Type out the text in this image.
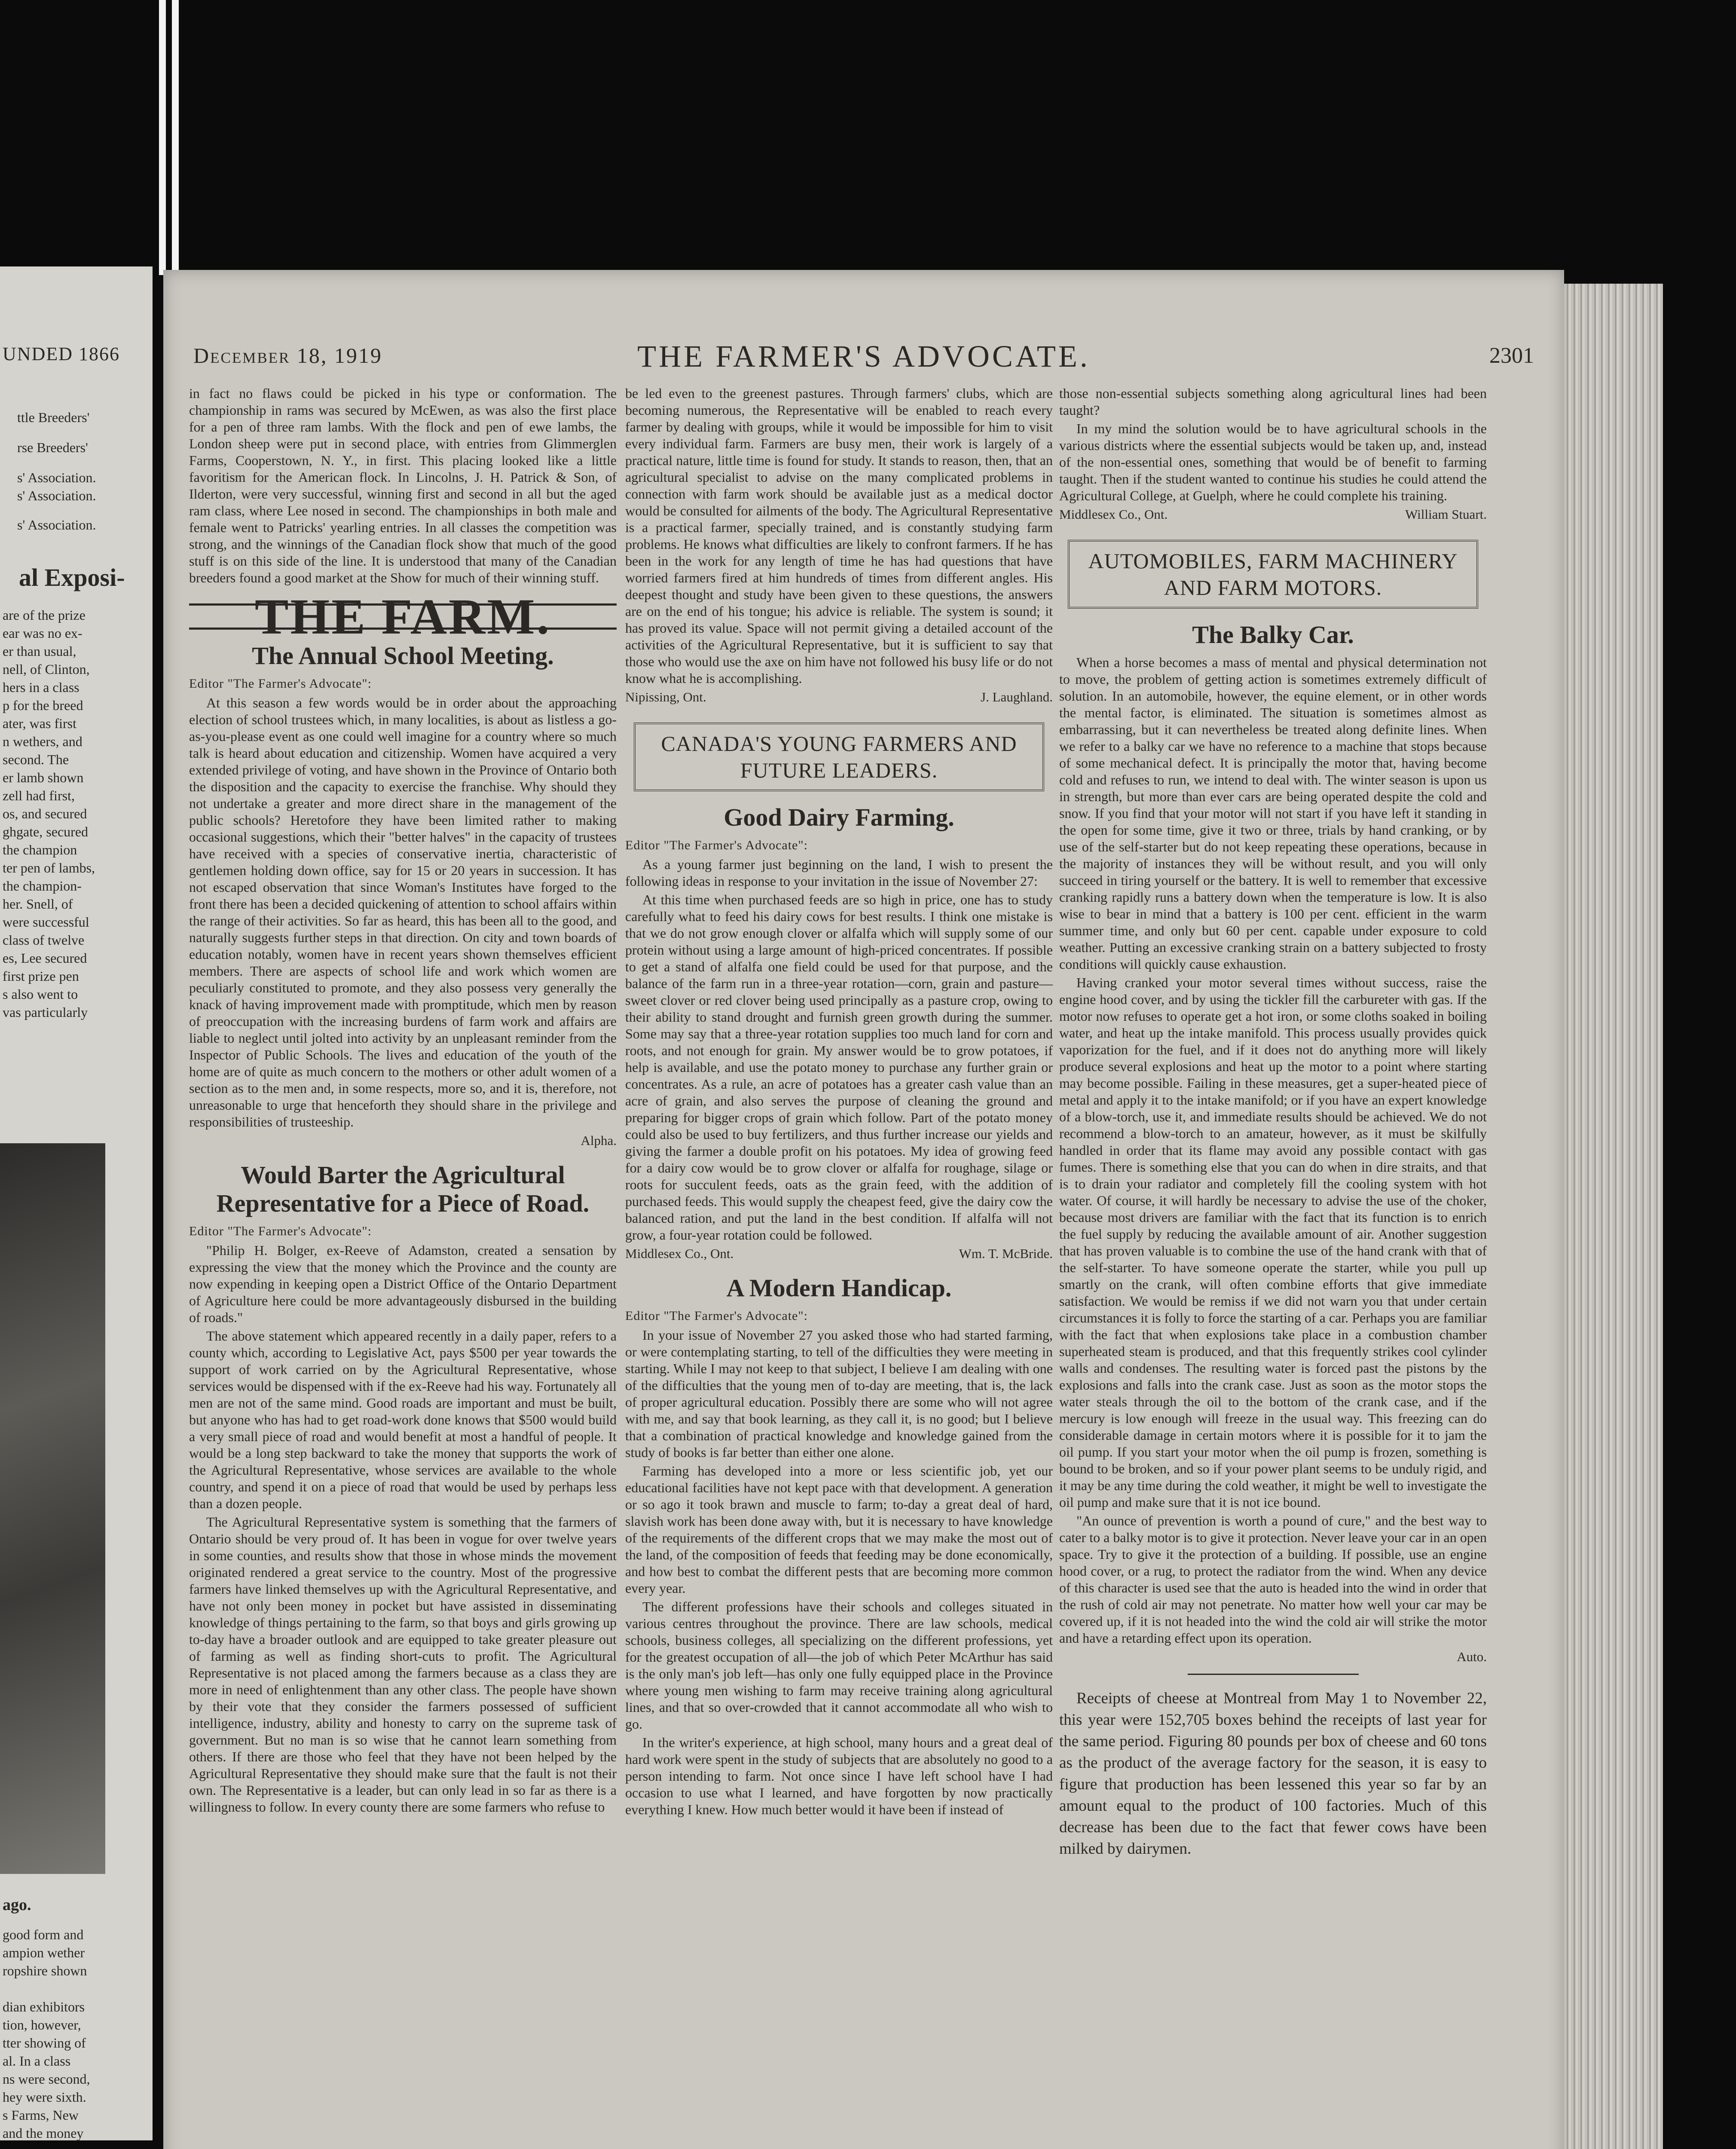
UNDED 1866
ttle Breeders'
rse Breeders'
s' Association.
s' Association.
s' Association.
al Exposi-
are of the prize
ear was no ex-
er than usual,
nell, of Clinton,
hers in a class
p for the breed
ater, was first
n wethers, and
second. The
er lamb shown
zell had first,
os, and secured
ghgate, secured
the champion
ter pen of lambs,
the champion-
her. Snell, of
were successful
class of twelve
es, Lee secured
first prize pen
s also went to
vas particularly
ago.
good form and
ampion wether
ropshire shown

dian exhibitors
tion, however,
tter showing of
al. In a class
ns were second,
hey were sixth.
s Farms, New
and the money
December 18, 1919	THE FARMER'S ADVOCATE.	2301

in fact no flaws could be picked in his type or conformation. The championship in rams was secured by McEwen, as was also the first place for a pen of three ram lambs. With the flock and pen of ewe lambs, the London sheep were put in second place, with entries from Glimmerglen Farms, Cooperstown, N. Y., in first. This placing looked like a little favoritism for the American flock. In Lincolns, J. H. Patrick & Son, of Ilderton, were very successful, winning first and second in all but the aged ram class, where Lee nosed in second. The championships in both male and female went to Patricks' yearling entries. In all classes the competition was strong, and the winnings of the Canadian flock show that much of the good stuff is on this side of the line. It is understood that many of the Canadian breeders found a good market at the Show for much of their winning stuff.

THE FARM.
The Annual School Meeting.
Editor "The Farmer's Advocate":

At this season a few words would be in order about the approaching election of school trustees which, in many localities, is about as listless a go-as-you-please event as one could well imagine for a country where so much talk is heard about education and citizenship. Women have acquired a very extended privilege of voting, and have shown in the Province of Ontario both the disposition and the capacity to exercise the franchise. Why should they not undertake a greater and more direct share in the management of the public schools? Heretofore they have been limited rather to making occasional suggestions, which their "better halves" in the capacity of trustees have received with a species of conservative inertia, characteristic of gentlemen holding down office, say for 15 or 20 years in succession. It has not escaped observation that since Woman's Institutes have forged to the front there has been a decided quickening of attention to school affairs within the range of their activities. So far as heard, this has been all to the good, and naturally suggests further steps in that direction. On city and town boards of education notably, women have in recent years shown themselves efficient members. There are aspects of school life and work which women are peculiarly constituted to promote, and they also possess very generally the knack of having improvement made with promptitude, which men by reason of preoccupation with the increasing burdens of farm work and affairs are liable to neglect until jolted into activity by an unpleasant reminder from the Inspector of Public Schools. The lives and education of the youth of the home are of quite as much concern to the mothers or other adult women of a section as to the men and, in some respects, more so, and it is, therefore, not unreasonable to urge that henceforth they should share in the privilege and responsibilities of trusteeship.

Alpha.
Would Barter the Agricultural Representative for a Piece of Road.
Editor "The Farmer's Advocate":

"Philip H. Bolger, ex-Reeve of Adamston, created a sensation by expressing the view that the money which the Province and the county are now expending in keeping open a District Office of the Ontario Department of Agriculture here could be more advantageously disbursed in the building of roads."

The above statement which appeared recently in a daily paper, refers to a county which, according to Legislative Act, pays $500 per year towards the support of work carried on by the Agricultural Representative, whose services would be dispensed with if the ex-Reeve had his way. Fortunately all men are not of the same mind. Good roads are important and must be built, but anyone who has had to get road-work done knows that $500 would build a very small piece of road and would benefit at most a handful of people. It would be a long step backward to take the money that supports the work of the Agricultural Representative, whose services are available to the whole country, and spend it on a piece of road that would be used by perhaps less than a dozen people.

The Agricultural Representative system is something that the farmers of Ontario should be very proud of. It has been in vogue for over twelve years in some counties, and results show that those in whose minds the movement originated rendered a great service to the country. Most of the progressive farmers have linked themselves up with the Agricultural Representative, and have not only been money in pocket but have assisted in disseminating knowledge of things pertaining to the farm, so that boys and girls growing up to-day have a broader outlook and are equipped to take greater pleasure out of farming as well as finding short-cuts to profit. The Agricultural Representative is not placed among the farmers because as a class they are more in need of enlightenment than any other class. The people have shown by their vote that they consider the farmers possessed of sufficient intelligence, industry, ability and honesty to carry on the supreme task of government. But no man is so wise that he cannot learn something from others. If there are those who feel that they have not been helped by the Agricultural Representative they should make sure that the fault is not their own. The Representative is a leader, but can only lead in so far as there is a willingness to follow. In every county there are some farmers who refuse to

be led even to the greenest pastures. Through farmers' clubs, which are becoming numerous, the Representative will be enabled to reach every farmer by dealing with groups, while it would be impossible for him to visit every individual farm. Farmers are busy men, their work is largely of a practical nature, little time is found for study. It stands to reason, then, that an agricultural specialist to advise on the many complicated problems in connection with farm work should be available just as a medical doctor would be consulted for ailments of the body. The Agricultural Representative is a practical farmer, specially trained, and is constantly studying farm problems. He knows what difficulties are likely to confront farmers. If he has been in the work for any length of time he has had questions that have worried farmers fired at him hundreds of times from different angles. His deepest thought and study have been given to these questions, the answers are on the end of his tongue; his advice is reliable. The system is sound; it has proved its value. Space will not permit giving a detailed account of the activities of the Agricultural Representative, but it is sufficient to say that those who would use the axe on him have not followed his busy life or do not know what he is accomplishing.

Nipissing, Ont.	J. Laughland.
CANADA'S YOUNG FARMERS AND FUTURE LEADERS.
Good Dairy Farming.
Editor "The Farmer's Advocate":

As a young farmer just beginning on the land, I wish to present the following ideas in response to your invitation in the issue of November 27:

At this time when purchased feeds are so high in price, one has to study carefully what to feed his dairy cows for best results. I think one mistake is that we do not grow enough clover or alfalfa which will supply some of our protein without using a large amount of high-priced concentrates. If possible to get a stand of alfalfa one field could be used for that purpose, and the balance of the farm run in a three-year rotation—corn, grain and pasture—sweet clover or red clover being used principally as a pasture crop, owing to their ability to stand drought and furnish green growth during the summer. Some may say that a three-year rotation supplies too much land for corn and roots, and not enough for grain. My answer would be to grow potatoes, if help is available, and use the potato money to purchase any further grain or concentrates. As a rule, an acre of potatoes has a greater cash value than an acre of grain, and also serves the purpose of cleaning the ground and preparing for bigger crops of grain which follow. Part of the potato money could also be used to buy fertilizers, and thus further increase our yields and giving the farmer a double profit on his potatoes. My idea of growing feed for a dairy cow would be to grow clover or alfalfa for roughage, silage or roots for succulent feeds, oats as the grain feed, with the addition of purchased feeds. This would supply the cheapest feed, give the dairy cow the balanced ration, and put the land in the best condition. If alfalfa will not grow, a four-year rotation could be followed.

Middlesex Co., Ont.	Wm. T. McBride.
A Modern Handicap.
Editor "The Farmer's Advocate":

In your issue of November 27 you asked those who had started farming, or were contemplating starting, to tell of the difficulties they were meeting in starting. While I may not keep to that subject, I believe I am dealing with one of the difficulties that the young men of to-day are meeting, that is, the lack of proper agricultural education. Possibly there are some who will not agree with me, and say that book learning, as they call it, is no good; but I believe that a combination of practical knowledge and knowledge gained from the study of books is far better than either one alone.

Farming has developed into a more or less scientific job, yet our educational facilities have not kept pace with that development. A generation or so ago it took brawn and muscle to farm; to-day a great deal of hard, slavish work has been done away with, but it is necessary to have knowledge of the requirements of the different crops that we may make the most out of the land, of the composition of feeds that feeding may be done economically, and how best to combat the different pests that are becoming more common every year.

The different professions have their schools and colleges situated in various centres throughout the province. There are law schools, medical schools, business colleges, all specializing on the different professions, yet for the greatest occupation of all—the job of which Peter McArthur has said is the only man's job left—has only one fully equipped place in the Province where young men wishing to farm may receive training along agricultural lines, and that so over-crowded that it cannot accommodate all who wish to go.

In the writer's experience, at high school, many hours and a great deal of hard work were spent in the study of subjects that are absolutely no good to a person intending to farm. Not once since I have left school have I had occasion to use what I learned, and have forgotten by now practically everything I knew. How much better would it have been if instead of

those non-essential subjects something along agricultural lines had been taught?

In my mind the solution would be to have agricultural schools in the various districts where the essential subjects would be taken up, and, instead of the non-essential ones, something that would be of benefit to farming taught. Then if the student wanted to continue his studies he could attend the Agricultural College, at Guelph, where he could complete his training.

Middlesex Co., Ont.	William Stuart.
AUTOMOBILES, FARM MACHINERY AND FARM MOTORS.
The Balky Car.

When a horse becomes a mass of mental and physical determination not to move, the problem of getting action is sometimes extremely difficult of solution. In an automobile, however, the equine element, or in other words the mental factor, is eliminated. The situation is sometimes almost as embarrassing, but it can nevertheless be treated along definite lines. When we refer to a balky car we have no reference to a machine that stops because of some mechanical defect. It is principally the motor that, having become cold and refuses to run, we intend to deal with. The winter season is upon us in strength, but more than ever cars are being operated despite the cold and snow. If you find that your motor will not start if you have left it standing in the open for some time, give it two or three, trials by hand cranking, or by use of the self-starter but do not keep repeating these operations, because in the majority of instances they will be without result, and you will only succeed in tiring yourself or the battery. It is well to remember that excessive cranking rapidly runs a battery down when the temperature is low. It is also wise to bear in mind that a battery is 100 per cent. efficient in the warm summer time, and only but 60 per cent. capable under exposure to cold weather. Putting an excessive cranking strain on a battery subjected to frosty conditions will quickly cause exhaustion.

Having cranked your motor several times without success, raise the engine hood cover, and by using the tickler fill the carbureter with gas. If the motor now refuses to operate get a hot iron, or some cloths soaked in boiling water, and heat up the intake manifold. This process usually provides quick vaporization for the fuel, and if it does not do anything more will likely produce several explosions and heat up the motor to a point where starting may become possible. Failing in these measures, get a super-heated piece of metal and apply it to the intake manifold; or if you have an expert knowledge of a blow-torch, use it, and immediate results should be achieved. We do not recommend a blow-torch to an amateur, however, as it must be skilfully handled in order that its flame may avoid any possible contact with gas fumes. There is something else that you can do when in dire straits, and that is to drain your radiator and completely fill the cooling system with hot water. Of course, it will hardly be necessary to advise the use of the choker, because most drivers are familiar with the fact that its function is to enrich the fuel supply by reducing the available amount of air. Another suggestion that has proven valuable is to combine the use of the hand crank with that of the self-starter. To have someone operate the starter, while you pull up smartly on the crank, will often combine efforts that give immediate satisfaction. We would be remiss if we did not warn you that under certain circumstances it is folly to force the starting of a car. Perhaps you are familiar with the fact that when explosions take place in a combustion chamber superheated steam is produced, and that this frequently strikes cool cylinder walls and condenses. The resulting water is forced past the pistons by the explosions and falls into the crank case. Just as soon as the motor stops the water steals through the oil to the bottom of the crank case, and if the mercury is low enough will freeze in the usual way. This freezing can do considerable damage in certain motors where it is possible for it to jam the oil pump. If you start your motor when the oil pump is frozen, something is bound to be broken, and so if your power plant seems to be unduly rigid, and it may be any time during the cold weather, it might be well to investigate the oil pump and make sure that it is not ice bound.

"An ounce of prevention is worth a pound of cure," and the best way to cater to a balky motor is to give it protection. Never leave your car in an open space. Try to give it the protection of a building. If possible, use an engine hood cover, or a rug, to protect the radiator from the wind. When any device of this character is used see that the auto is headed into the wind in order that the rush of cold air may not penetrate. No matter how well your car may be covered up, if it is not headed into the wind the cold air will strike the motor and have a retarding effect upon its operation.

Auto.

Receipts of cheese at Montreal from May 1 to November 22, this year were 152,705 boxes behind the receipts of last year for the same period. Figuring 80 pounds per box of cheese and 60 tons as the product of the average factory for the season, it is easy to figure that production has been lessened this year so far by an amount equal to the product of 100 factories. Much of this decrease has been due to the fact that fewer cows have been milked by dairymen.
